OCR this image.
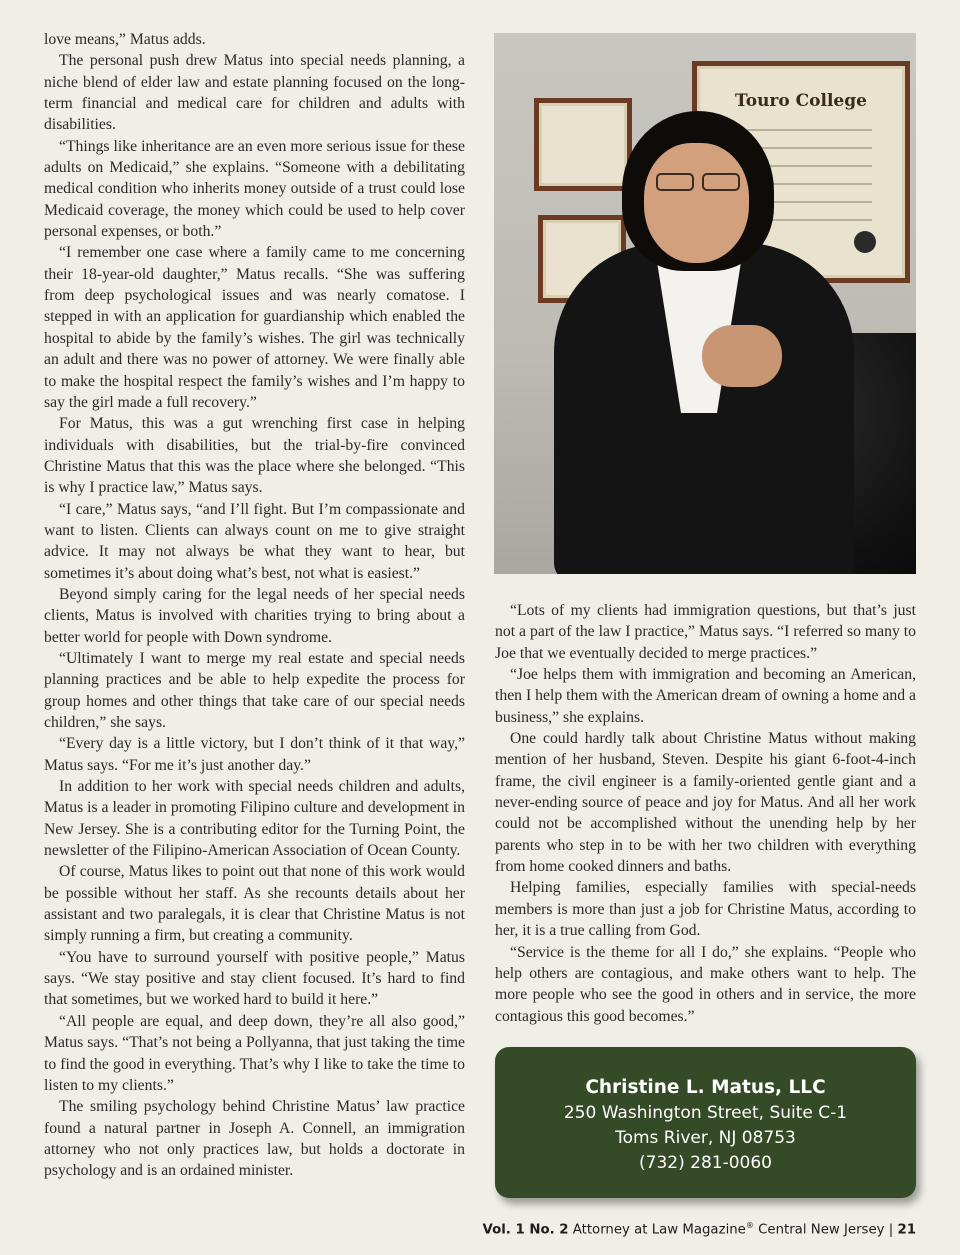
love means,” Matus adds.

The personal push drew Matus into special needs planning, a niche blend of elder law and estate planning focused on the long-term financial and medical care for children and adults with disabilities.

“Things like inheritance are an even more serious issue for these adults on Medicaid,” she explains. “Someone with a debilitating medical condition who inherits money outside of a trust could lose Medicaid coverage, the money which could be used to help cover personal expenses, or both.”

“I remember one case where a family came to me concerning their 18-year-old daughter,” Matus recalls. “She was suffering from deep psychological issues and was nearly comatose. I stepped in with an application for guardianship which enabled the hospital to abide by the family’s wishes. The girl was technically an adult and there was no power of attorney. We were finally able to make the hospital respect the family’s wishes and I’m happy to say the girl made a full recovery.”

For Matus, this was a gut wrenching first case in helping individuals with disabilities, but the trial-by-fire convinced Christine Matus that this was the place where she belonged. “This is why I practice law,” Matus says.

“I care,” Matus says, “and I’ll fight. But I’m compassionate and want to listen. Clients can always count on me to give straight advice. It may not always be what they want to hear, but sometimes it’s about doing what’s best, not what is easiest.”

Beyond simply caring for the legal needs of her special needs clients, Matus is involved with charities trying to bring about a better world for people with Down syndrome.

“Ultimately I want to merge my real estate and special needs planning practices and be able to help expedite the process for group homes and other things that take care of our special needs children,” she says.

“Every day is a little victory, but I don’t think of it that way,” Matus says. “For me it’s just another day.”

In addition to her work with special needs children and adults, Matus is a leader in promoting Filipino culture and development in New Jersey. She is a contributing editor for the Turning Point, the newsletter of the Filipino-American Association of Ocean County.

Of course, Matus likes to point out that none of this work would be possible without her staff. As she recounts details about her assistant and two paralegals, it is clear that Christine Matus is not simply running a firm, but creating a community.

“You have to surround yourself with positive people,” Matus says. “We stay positive and stay client focused. It’s hard to find that sometimes, but we worked hard to build it here.”

“All people are equal, and deep down, they’re all also good,” Matus says. “That’s not being a Pollyanna, that just taking the time to find the good in everything. That’s why I like to take the time to listen to my clients.”

The smiling psychology behind Christine Matus’ law practice found a natural partner in Joseph A. Connell, an immigration attorney who not only practices law, but holds a doctorate in psychology and is an ordained minister.

Touro College

“Lots of my clients had immigration questions, but that’s just not a part of the law I practice,” Matus says. “I referred so many to Joe that we eventually decided to merge practices.”

“Joe helps them with immigration and becoming an American, then I help them with the American dream of owning a home and a business,” she explains.

One could hardly talk about Christine Matus without making mention of her husband, Steven. Despite his giant 6-foot-4-inch frame, the civil engineer is a family-oriented gentle giant and a never-ending source of peace and joy for Matus. And all her work could not be accomplished without the unending help by her parents who step in to be with her two children with everything from home cooked dinners and baths.

Helping families, especially families with special-needs members is more than just a job for Christine Matus, according to her, it is a true calling from God.

“Service is the theme for all I do,” she explains. “People who help others are contagious, and make others want to help. The more people who see the good in others and in service, the more contagious this good becomes.”

Christine L. Matus, LLC
250 Washington Street, Suite C-1
Toms River, NJ 08753
(732) 281-0060
Vol. 1 No. 2 Attorney at Law Magazine® Central New Jersey | 21
